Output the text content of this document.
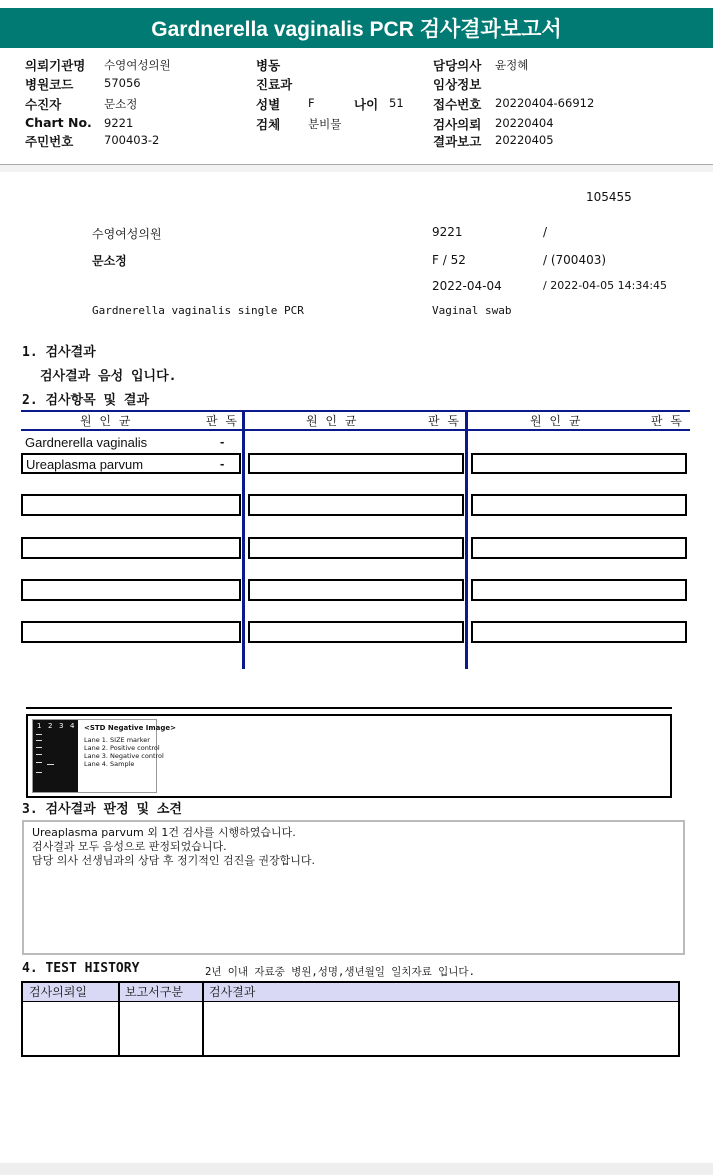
Gardnerella vaginalis PCR 검사결과보고서
의뢰기관명 수영여성의원
병원코드	57056
수진자	문소정
Chart No. 9221
주민번호	700403-2
병동
진료과
성별 F	나이 51
검체 분비물
담당의사 윤정혜
임상정보
접수번호 20220404-66912
검사의뢰 20220404
결과보고 20220405
105455
수영여성의원	9221	/
문소정	F / 52	/ (700403)
2022-04-04	/ 2022-04-05 14:34:45
Gardnerella vaginalis single PCR	Vaginal swab
1. 검사결과
검사결과 음성 입니다.
2. 검사항목 및 결과
원 인 균	판 독	원 인 균	판 독	원 인 균	판 독
Gardnerella vaginalis	-
Ureaplasma parvum	-
1 2 3 4 <STD Negative Image>
Lane 1. SIZE marker
Lane 2. Positive control
Lane 3. Negative control
Lane 4. Sample
3. 검사결과 판정 및 소견
Ureaplasma parvum 외 1건 검사를 시행하였습니다.
검사결과 모두 음성으로 판정되었습니다.
담당 의사 선생님과의 상담 후 정기적인 검진을 권장합니다.
4. TEST HISTORY	2년 이내 자료중 병원,성명,생년월일 일치자료 입니다.
검사의뢰일	보고서구분	검사결과
